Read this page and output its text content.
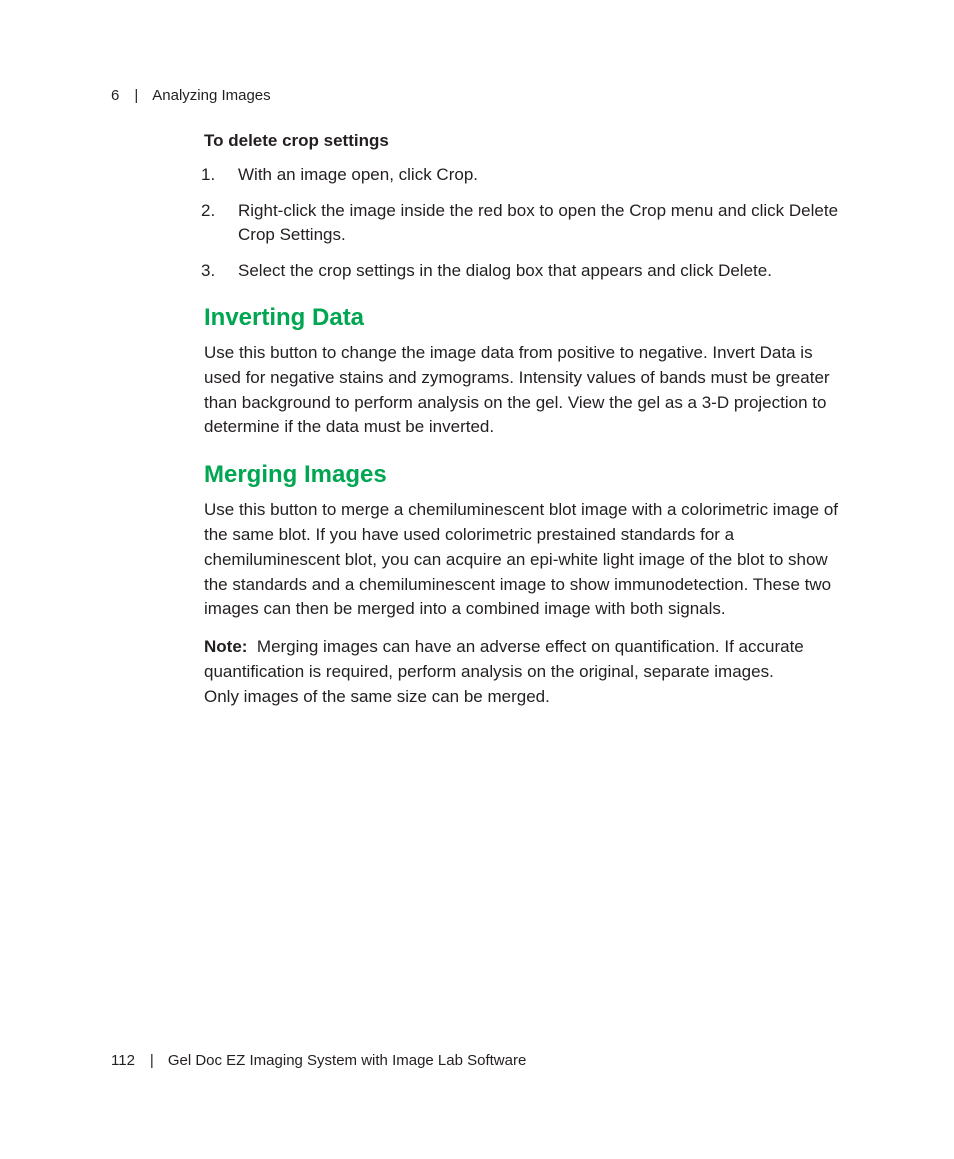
6 | Analyzing Images
To delete crop settings
1. With an image open, click Crop.
2. Right-click the image inside the red box to open the Crop menu and click Delete Crop Settings.
3. Select the crop settings in the dialog box that appears and click Delete.
Inverting Data

Use this button to change the image data from positive to negative. Invert Data is used for negative stains and zymograms. Intensity values of bands must be greater than background to perform analysis on the gel. View the gel as a 3-D projection to determine if the data must be inverted.

Merging Images

Use this button to merge a chemiluminescent blot image with a colorimetric image of the same blot. If you have used colorimetric prestained standards for a chemiluminescent blot, you can acquire an epi-white light image of the blot to show the standards and a chemiluminescent image to show immunodetection. These two images can then be merged into a combined image with both signals.

Note: Merging images can have an adverse effect on quantification. If accurate quantification is required, perform analysis on the original, separate images.
Only images of the same size can be merged.

112 | Gel Doc EZ Imaging System with Image Lab Software
